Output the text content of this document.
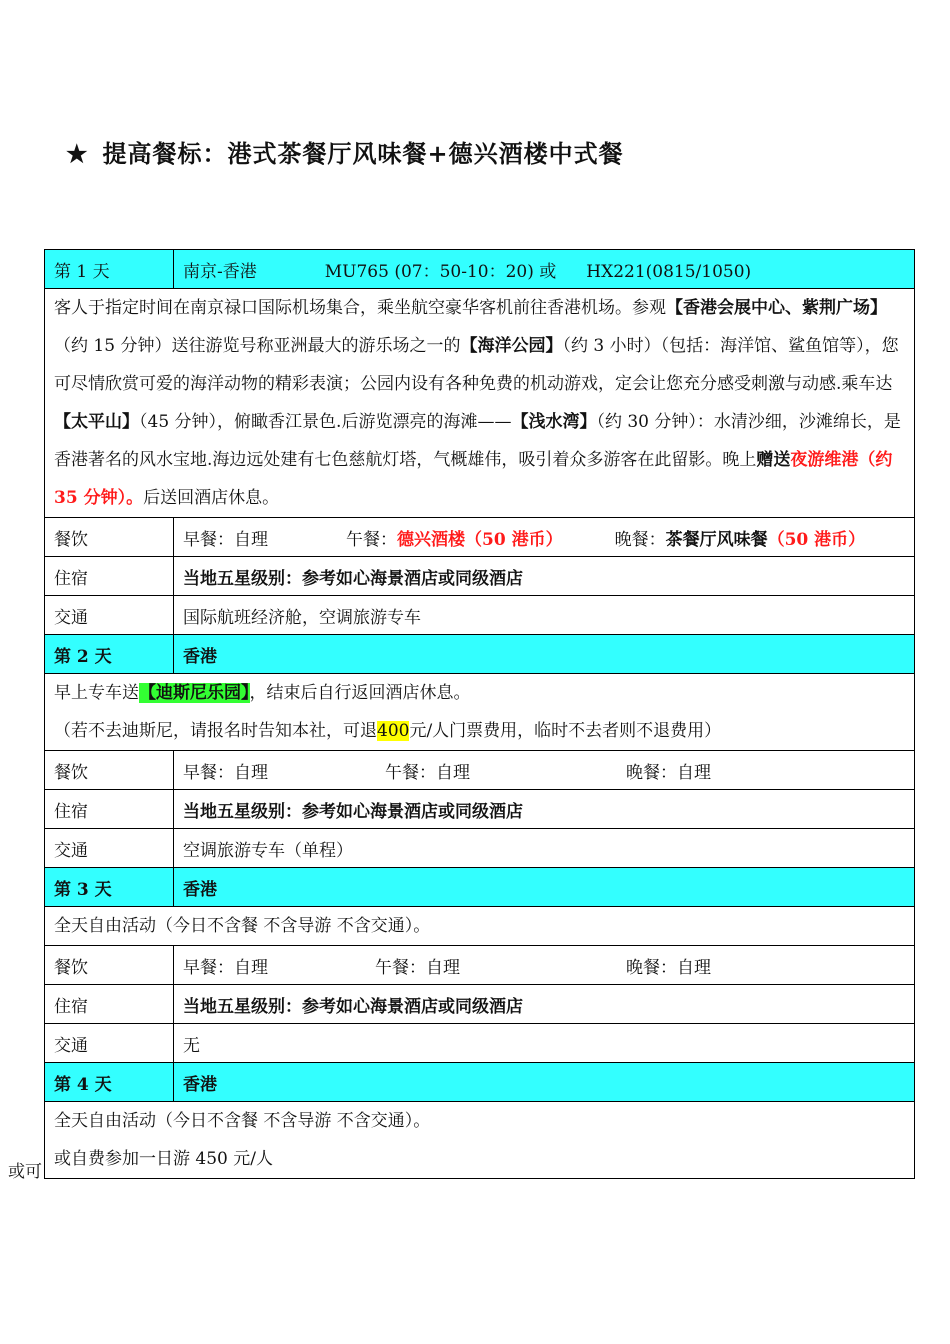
★ 提高餐标：港式茶餐厅风味餐+德兴酒楼中式餐
第 1 天	南京-香港 MU765 (07：50-10：20) 或 HX221(0815/1050)
客人于指定时间在南京禄口国际机场集合，乘坐航空豪华客机前往香港机场。参观【香港会展中心、紫荆广场】（约 15 分钟）送往游览号称亚洲最大的游乐场之一的【海洋公园】（约 3 小时）（包括：海洋馆、鲨鱼馆等），您可尽情欣赏可爱的海洋动物的精彩表演；公园内设有各种免费的机动游戏，定会让您充分感受刺激与动感.乘车达【太平山】（45 分钟），俯瞰香江景色.后游览漂亮的海滩——【浅水湾】（约 30 分钟）：水清沙细，沙滩绵长，是香港著名的风水宝地.海边远处建有七色慈航灯塔，气概雄伟，吸引着众多游客在此留影。晚上赠送夜游维港（约 35 分钟）。后送回酒店休息。	
餐饮	早餐：自理 午餐：德兴酒楼（50 港币） 晚餐：茶餐厅风味餐（50 港币）
住宿	当地五星级别：参考如心海景酒店或同级酒店
交通	国际航班经济舱，空调旅游专车
第 2 天	香港

早上专车送【迪斯尼乐园】，结束后自行返回酒店休息。
（若不去迪斯尼，请报名时告知本社，可退400元/人门票费用，临时不去者则不退费用）	

餐饮	早餐：自理 午餐：自理 晚餐：自理
住宿	当地五星级别：参考如心海景酒店或同级酒店
交通	空调旅游专车（单程）
第 3 天	香港
全天自由活动（今日不含餐 不含导游 不含交通）。	
餐饮	早餐：自理 午餐：自理 晚餐：自理
住宿	当地五星级别：参考如心海景酒店或同级酒店
交通	无
第 4 天	香港

全天自由活动（今日不含餐 不含导游 不含交通）。
或自费参加一日游 450 元/人	
或可
